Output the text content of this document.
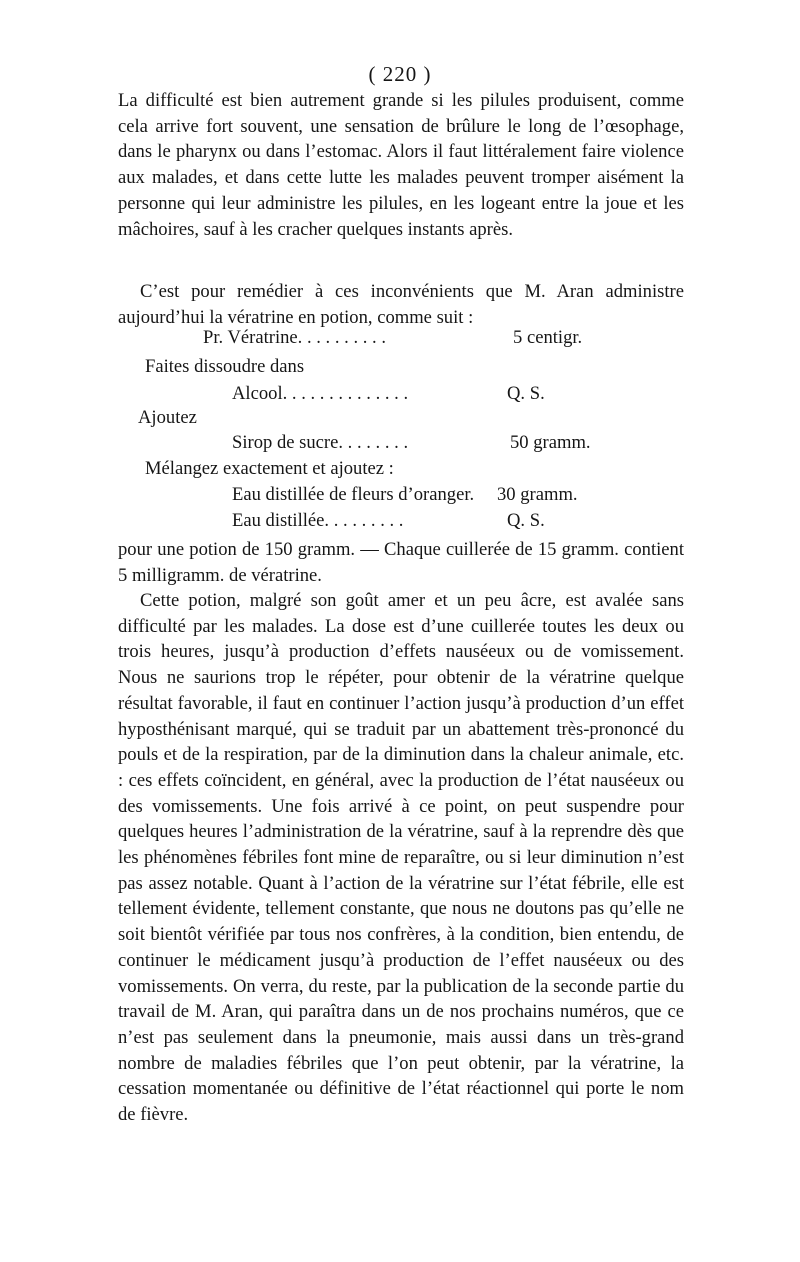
( 220 )

La difficulté est bien autrement grande si les pilules produisent, comme cela arrive fort souvent, une sensation de brûlure le long de l’œsophage, dans le pharynx ou dans l’estomac. Alors il faut littéralement faire violence aux malades, et dans cette lutte les malades peuvent tromper aisément la personne qui leur administre les pilules, en les logeant entre la joue et les mâchoires, sauf à les cracher quelques instants après.

C’est pour remédier à ces inconvénients que M. Aran administre aujourd’hui la vératrine en potion, comme suit :

Pr. Vératrine. . . . . . . . . .	5 centigr.
Faites dissoudre dans
Alcool. . . . . . . . . . . . . .	Q. S.
Ajoutez
Sirop de sucre. . . . . . . .	50 gramm.
Mélangez exactement et ajoutez :
Eau distillée de fleurs d’oranger. 30 gramm.
Eau distillée. . . . . . . . .	Q. S.

pour une potion de 150 gramm. — Chaque cuillerée de 15 gramm. contient 5 milligramm. de vératrine.

Cette potion, malgré son goût amer et un peu âcre, est avalée sans difficulté par les malades. La dose est d’une cuillerée toutes les deux ou trois heures, jusqu’à production d’effets nauséeux ou de vomissement. Nous ne saurions trop le répéter, pour obtenir de la vératrine quelque résultat favorable, il faut en continuer l’action jusqu’à production d’un effet hyposthénisant marqué, qui se traduit par un abattement très-prononcé du pouls et de la respiration, par de la diminution dans la chaleur animale, etc. : ces effets coïncident, en général, avec la production de l’état nauséeux ou des vomissements. Une fois arrivé à ce point, on peut suspendre pour quelques heures l’administration de la vératrine, sauf à la reprendre dès que les phénomènes fébriles font mine de reparaître, ou si leur diminution n’est pas assez notable. Quant à l’action de la vératrine sur l’état fébrile, elle est tellement évidente, tellement constante, que nous ne doutons pas qu’elle ne soit bientôt vérifiée par tous nos confrères, à la condition, bien entendu, de continuer le médicament jusqu’à production de l’effet nauséeux ou des vomissements. On verra, du reste, par la publication de la seconde partie du travail de M. Aran, qui paraîtra dans un de nos prochains numéros, que ce n’est pas seulement dans la pneumonie, mais aussi dans un très-grand nombre de maladies fébriles que l’on peut obtenir, par la vératrine, la cessation momentanée ou définitive de l’état réactionnel qui porte le nom de fièvre.
